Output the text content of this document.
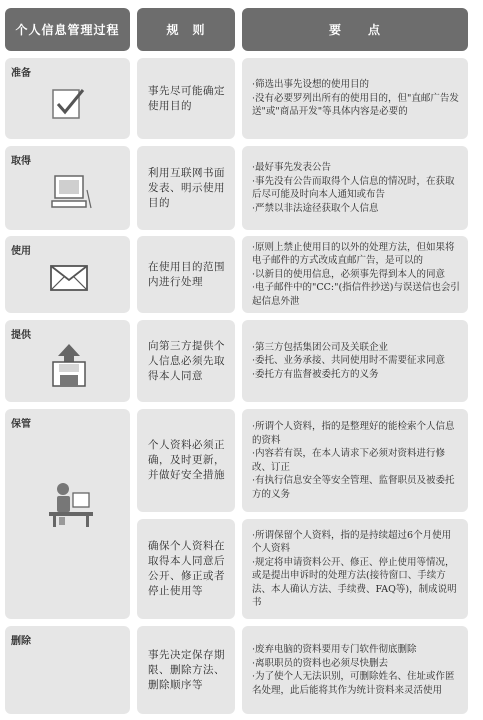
个人信息管理过程	规　则	要　　点
准备
事先尽可能确定使用目的

·筛选出事先设想的使用目的

·没有必要罗列出所有的使用目的，但"直邮广告发送"或"商品开发"等具体内容是必要的

取得
利用互联网书面发表、明示使用目的

·最好事先发表公告

·事先没有公告而取得个人信息的情况时，在获取后尽可能及时向本人通知或布告

·严禁以非法途径获取个人信息

使用
在使用目的范围内进行处理

·原则上禁止使用目的以外的处理方法，但如果将电子邮件的方式改成直邮广告，是可以的

·以新目的使用信息，必须事先得到本人的同意

·电子邮件中的"CC:"(指信件抄送)与误送信也会引起信息外泄

提供
向第三方提供个人信息必须先取得本人同意

·第三方包括集团公司及关联企业

·委托、业务承接、共同使用时不需要征求同意

·委托方有监督被委托方的义务

保管
个人资料必须正确，及时更新，并做好安全措施

·所谓个人资料，指的是整理好的能检索个人信息的资料

·内容若有误，在本人请求下必须对资料进行修改、订正

·有执行信息安全等安全管理、监督职员及被委托方的义务

确保个人资料在取得本人同意后公开、修正或者停止使用等

·所谓保留个人资料，指的是持续超过6个月使用个人资料

·规定将申请资料公开、修正、停止使用等情况，或是提出申诉时的处理方法(接待窗口、手续方法、本人确认方法、手续费、FAQ等)，制成说明书

删除
事先决定保存期限、删除方法、删除顺序等

·废弃电脑的资料要用专门软件彻底删除

·离职职员的资料也必须尽快删去

·为了使个人无法识别，可删除姓名、住址或作匿名处理，此后能将其作为统计资料来灵活使用
